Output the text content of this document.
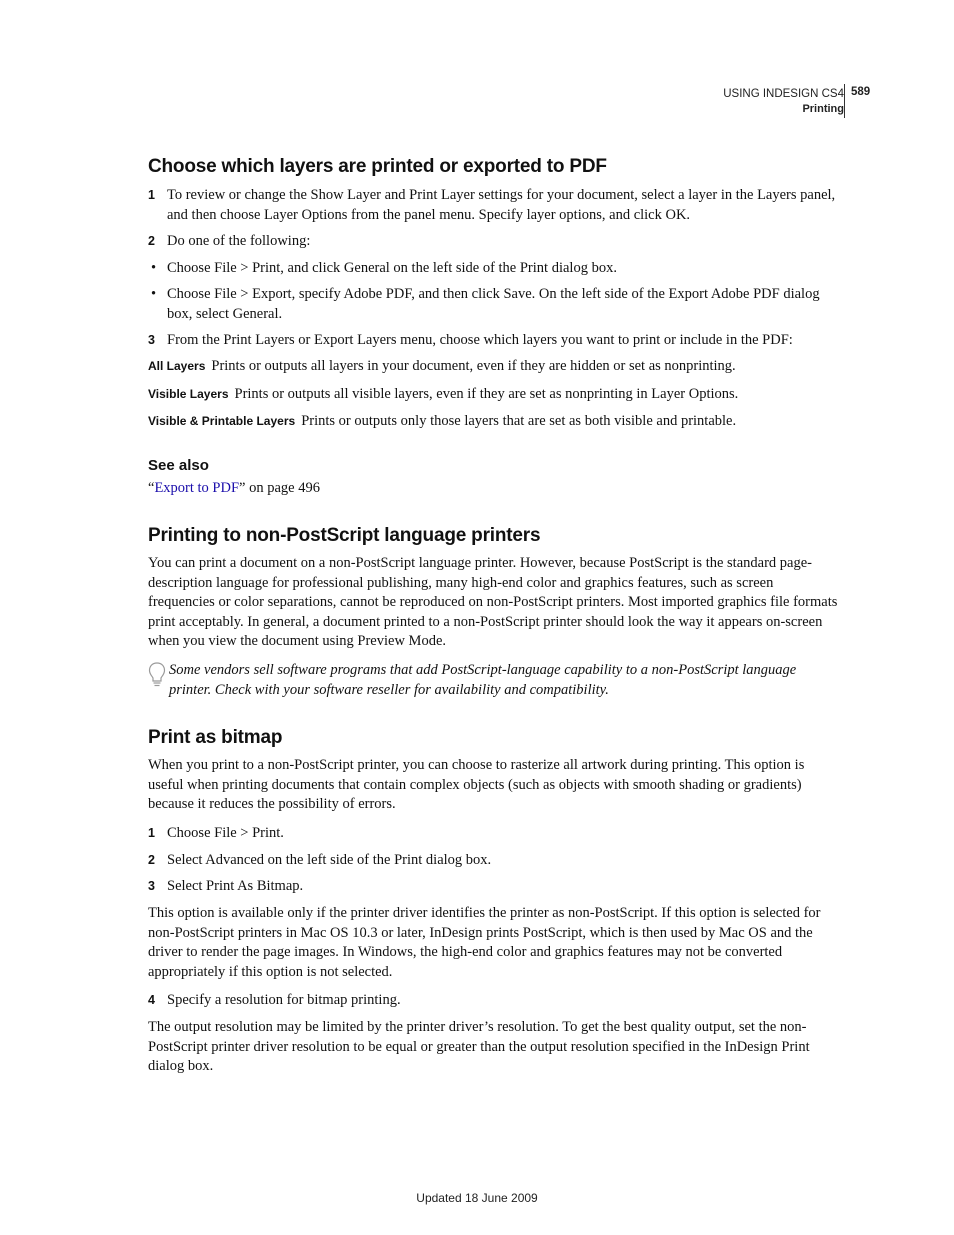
USING INDESIGN CS4
Printing
589
Choose which layers are printed or exported to PDF
1 To review or change the Show Layer and Print Layer settings for your document, select a layer in the Layers panel, and then choose Layer Options from the panel menu. Specify layer options, and click OK.
2 Do one of the following:
• Choose File > Print, and click General on the left side of the Print dialog box.
• Choose File > Export, specify Adobe PDF, and then click Save. On the left side of the Export Adobe PDF dialog box, select General.
3 From the Print Layers or Export Layers menu, choose which layers you want to print or include in the PDF:
All Layers Prints or outputs all layers in your document, even if they are hidden or set as nonprinting.
Visible Layers Prints or outputs all visible layers, even if they are set as nonprinting in Layer Options.
Visible & Printable Layers Prints or outputs only those layers that are set as both visible and printable.
See also
“Export to PDF” on page 496
Printing to non-PostScript language printers
You can print a document on a non-PostScript language printer. However, because PostScript is the standard page-description language for professional publishing, many high-end color and graphics features, such as screen frequencies or color separations, cannot be reproduced on non-PostScript printers. Most imported graphics file formats print acceptably. In general, a document printed to a non-PostScript printer should look the way it appears on-screen when you view the document using Preview Mode.
Some vendors sell software programs that add PostScript-language capability to a non-PostScript language printer. Check with your software reseller for availability and compatibility.
Print as bitmap
When you print to a non-PostScript printer, you can choose to rasterize all artwork during printing. This option is useful when printing documents that contain complex objects (such as objects with smooth shading or gradients) because it reduces the possibility of errors.
1 Choose File > Print.
2 Select Advanced on the left side of the Print dialog box.
3 Select Print As Bitmap.
This option is available only if the printer driver identifies the printer as non-PostScript. If this option is selected for non-PostScript printers in Mac OS 10.3 or later, InDesign prints PostScript, which is then used by Mac OS and the driver to render the page images. In Windows, the high-end color and graphics features may not be converted appropriately if this option is not selected.
4 Specify a resolution for bitmap printing.
The output resolution may be limited by the printer driver’s resolution. To get the best quality output, set the non-PostScript printer driver resolution to be equal or greater than the output resolution specified in the InDesign Print dialog box.
Updated 18 June 2009
